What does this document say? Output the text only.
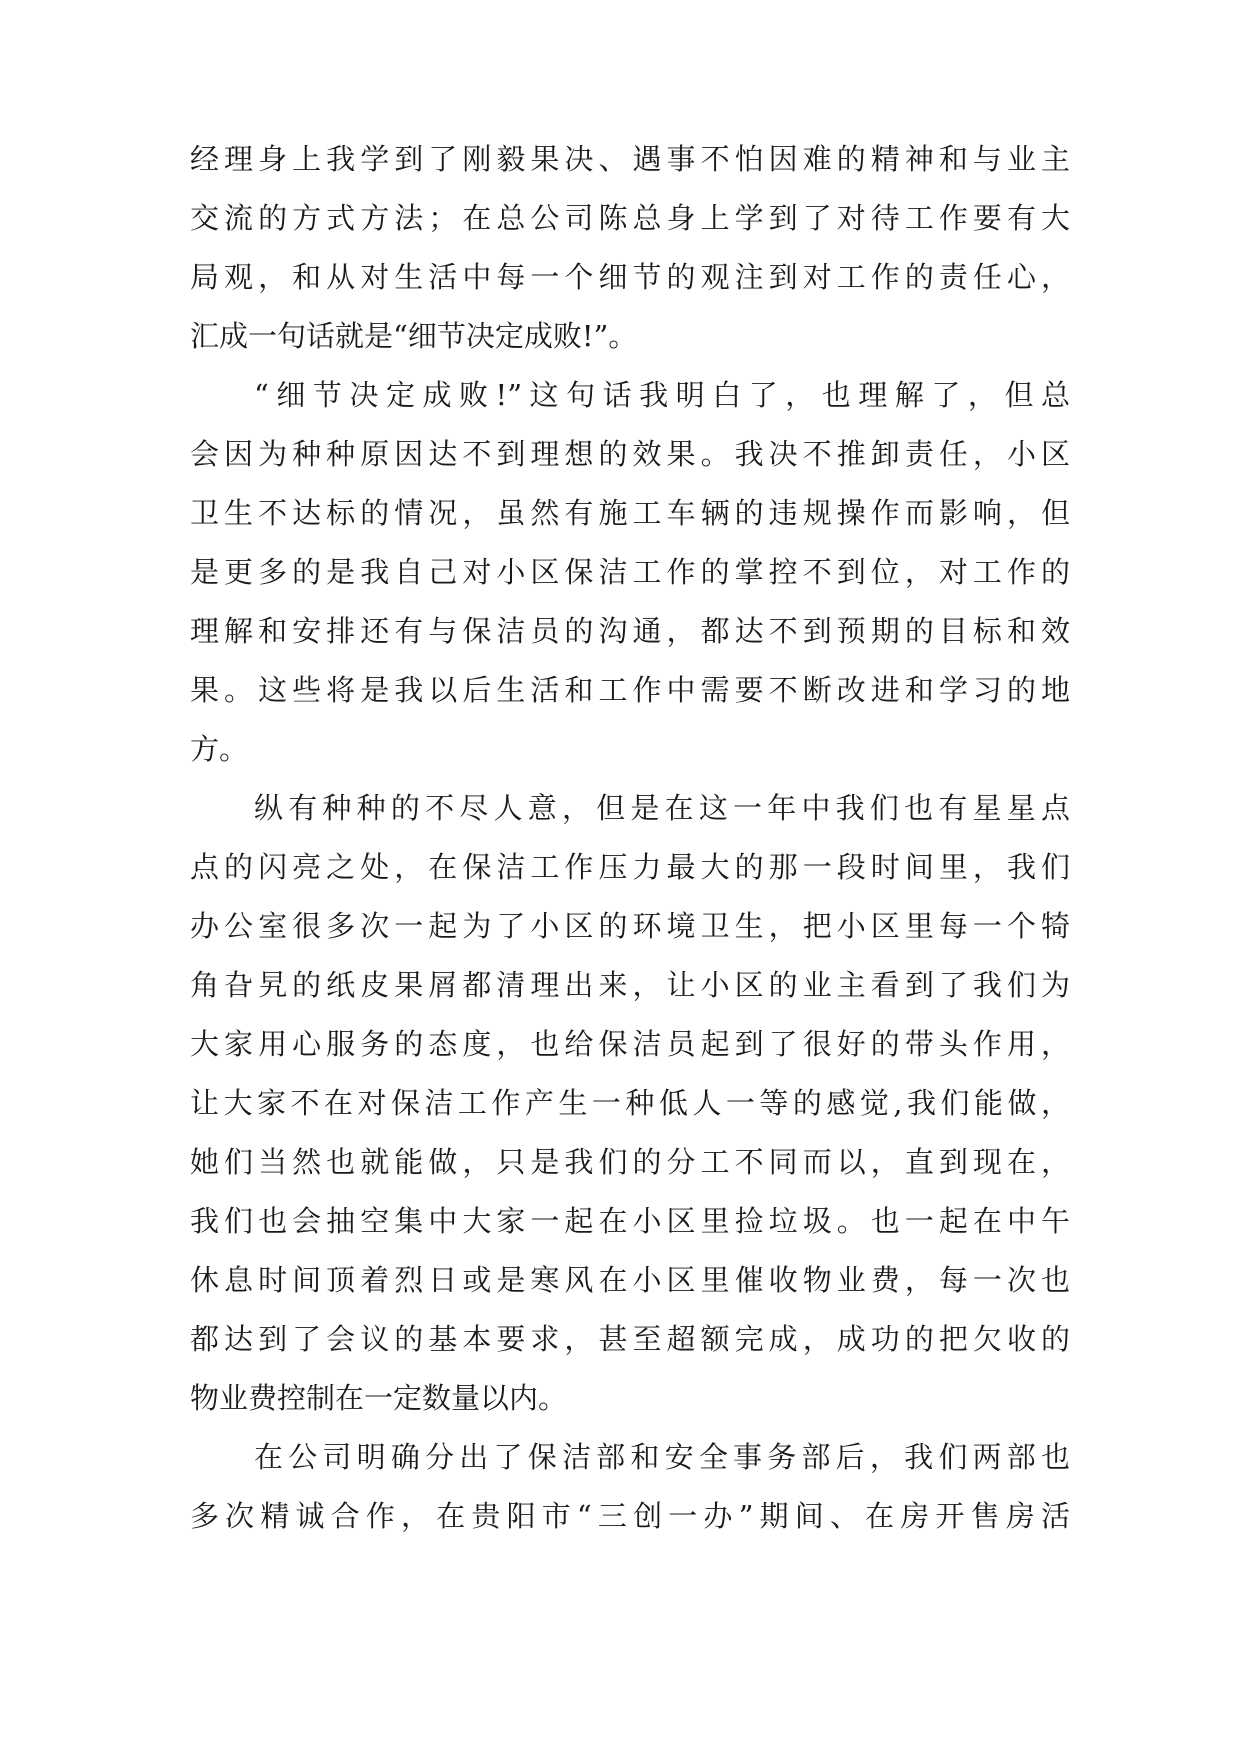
经理身上我学到了刚毅果决、遇事不怕因难的精神和与业主
交流的方式方法；在总公司陈总身上学到了对待工作要有大
局观，和从对生活中每一个细节的观注到对工作的责任心，
汇成一句话就是“细节决定成败!”。
“细节决定成败!”这句话我明白了，也理解了，但总
会因为种种原因达不到理想的效果。我决不推卸责任，小区
卫生不达标的情况，虽然有施工车辆的违规操作而影响，但
是更多的是我自己对小区保洁工作的掌控不到位，对工作的
理解和安排还有与保洁员的沟通，都达不到预期的目标和效
果。这些将是我以后生活和工作中需要不断改进和学习的地
方。
纵有种种的不尽人意，但是在这一年中我们也有星星点
点的闪亮之处，在保洁工作压力最大的那一段时间里，我们
办公室很多次一起为了小区的环境卫生，把小区里每一个犄
角旮旯的纸皮果屑都清理出来，让小区的业主看到了我们为
大家用心服务的态度，也给保洁员起到了很好的带头作用，
让大家不在对保洁工作产生一种低人一等的感觉,我们能做，
她们当然也就能做，只是我们的分工不同而以，直到现在，
我们也会抽空集中大家一起在小区里捡垃圾。也一起在中午
休息时间顶着烈日或是寒风在小区里催收物业费，每一次也
都达到了会议的基本要求，甚至超额完成，成功的把欠收的
物业费控制在一定数量以内。
在公司明确分出了保洁部和安全事务部后，我们两部也
多次精诚合作，在贵阳市“三创一办”期间、在房开售房活
